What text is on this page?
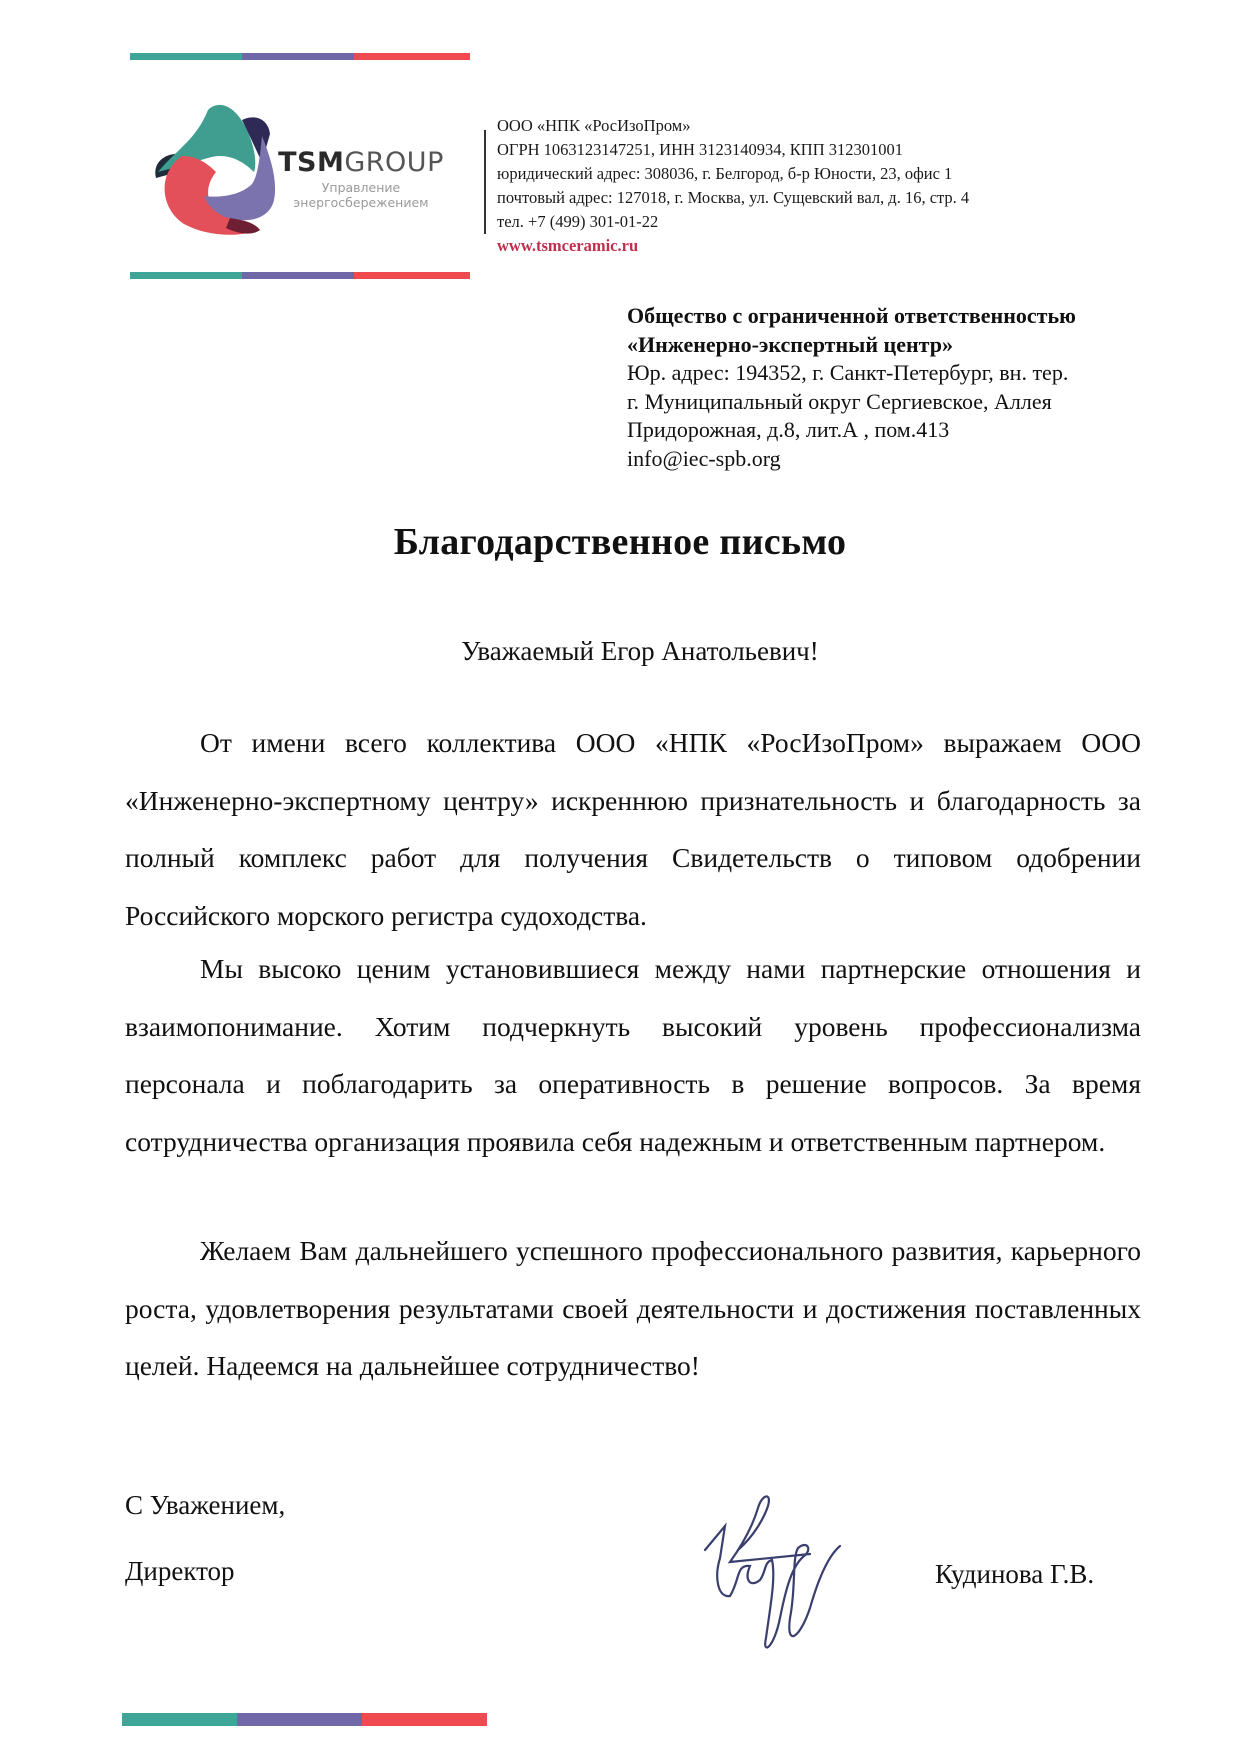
TSMGROUP
Управление
энергосбережением
ООО «НПК «РосИзоПром»
ОГРН 1063123147251, ИНН 3123140934, КПП 312301001
юридический адрес: 308036, г. Белгород, б-р Юности, 23, офис 1
почтовый адрес: 127018, г. Москва, ул. Сущевский вал, д. 16, стр. 4
тел. +7 (499) 301-01-22
www.tsmceramic.ru
Общество с ограниченной ответственностью
«Инженерно-экспертный центр»
Юр. адрес: 194352, г. Санкт-Петербург, вн. тер.
г. Муниципальный округ Сергиевское, Аллея
Придорожная, д.8, лит.А , пом.413
info@iec-spb.org
Благодарственное письмо
Уважаемый Егор Анатольевич!

От имени всего коллектива ООО «НПК «РосИзоПром» выражаем ООО «Инженерно-экспертному центру» искреннюю признательность и благодарность за полный комплекс работ для получения Свидетельств о типовом одобрении Российского морского регистра судоходства.

Мы высоко ценим установившиеся между нами партнерские отношения и взаимопонимание. Хотим подчеркнуть высокий уровень профессионализма персонала и поблагодарить за оперативность в решение вопросов. За время сотрудничества организация проявила себя надежным и ответственным партнером.

Желаем Вам дальнейшего успешного профессионального развития, карьерного роста, удовлетворения результатами своей деятельности и достижения поставленных целей. Надеемся на дальнейшее сотрудничество!

С Уважением,
Директор	Кудинова Г.В.
